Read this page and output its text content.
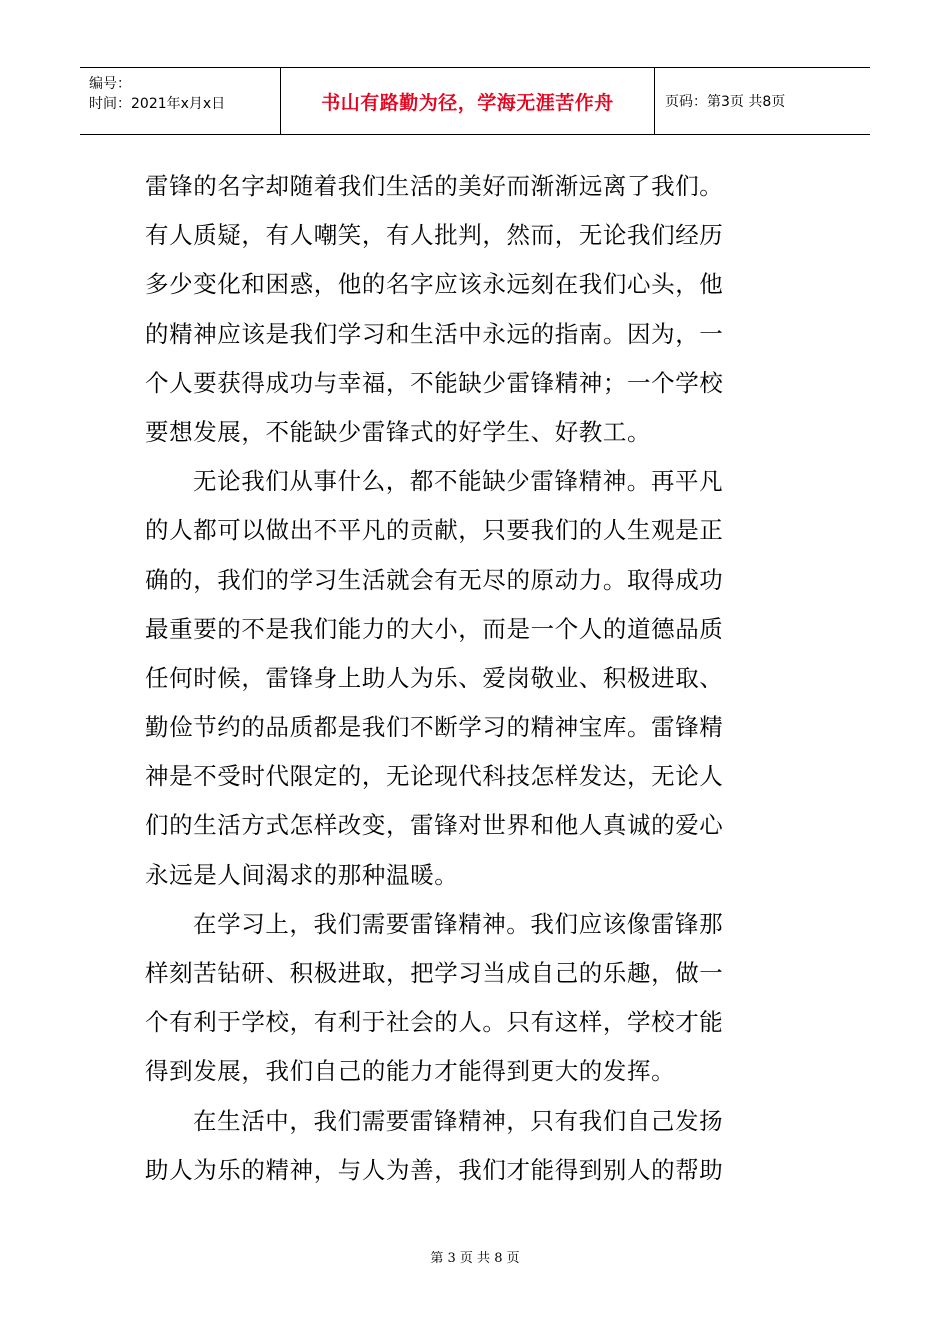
编号：
时间：2021年x月x日	书山有路勤为径，学海无涯苦作舟	页码：第3页 共8页
雷锋的名字却随着我们生活的美好而渐渐远离了我们。
有人质疑，有人嘲笑，有人批判，然而，无论我们经历
多少变化和困惑，他的名字应该永远刻在我们心头，他
的精神应该是我们学习和生活中永远的指南。因为，一
个人要获得成功与幸福，不能缺少雷锋精神；一个学校
要想发展，不能缺少雷锋式的好学生、好教工。
无论我们从事什么，都不能缺少雷锋精神。再平凡
的人都可以做出不平凡的贡献，只要我们的人生观是正
确的，我们的学习生活就会有无尽的原动力。取得成功
最重要的不是我们能力的大小，而是一个人的道德品质
任何时候，雷锋身上助人为乐、爱岗敬业、积极进取、
勤俭节约的品质都是我们不断学习的精神宝库。雷锋精
神是不受时代限定的，无论现代科技怎样发达，无论人
们的生活方式怎样改变，雷锋对世界和他人真诚的爱心
永远是人间渴求的那种温暖。
在学习上，我们需要雷锋精神。我们应该像雷锋那
样刻苦钻研、积极进取，把学习当成自己的乐趣，做一
个有利于学校，有利于社会的人。只有这样，学校才能
得到发展，我们自己的能力才能得到更大的发挥。
在生活中，我们需要雷锋精神，只有我们自己发扬
助人为乐的精神，与人为善，我们才能得到别人的帮助
第 3 页 共 8 页
